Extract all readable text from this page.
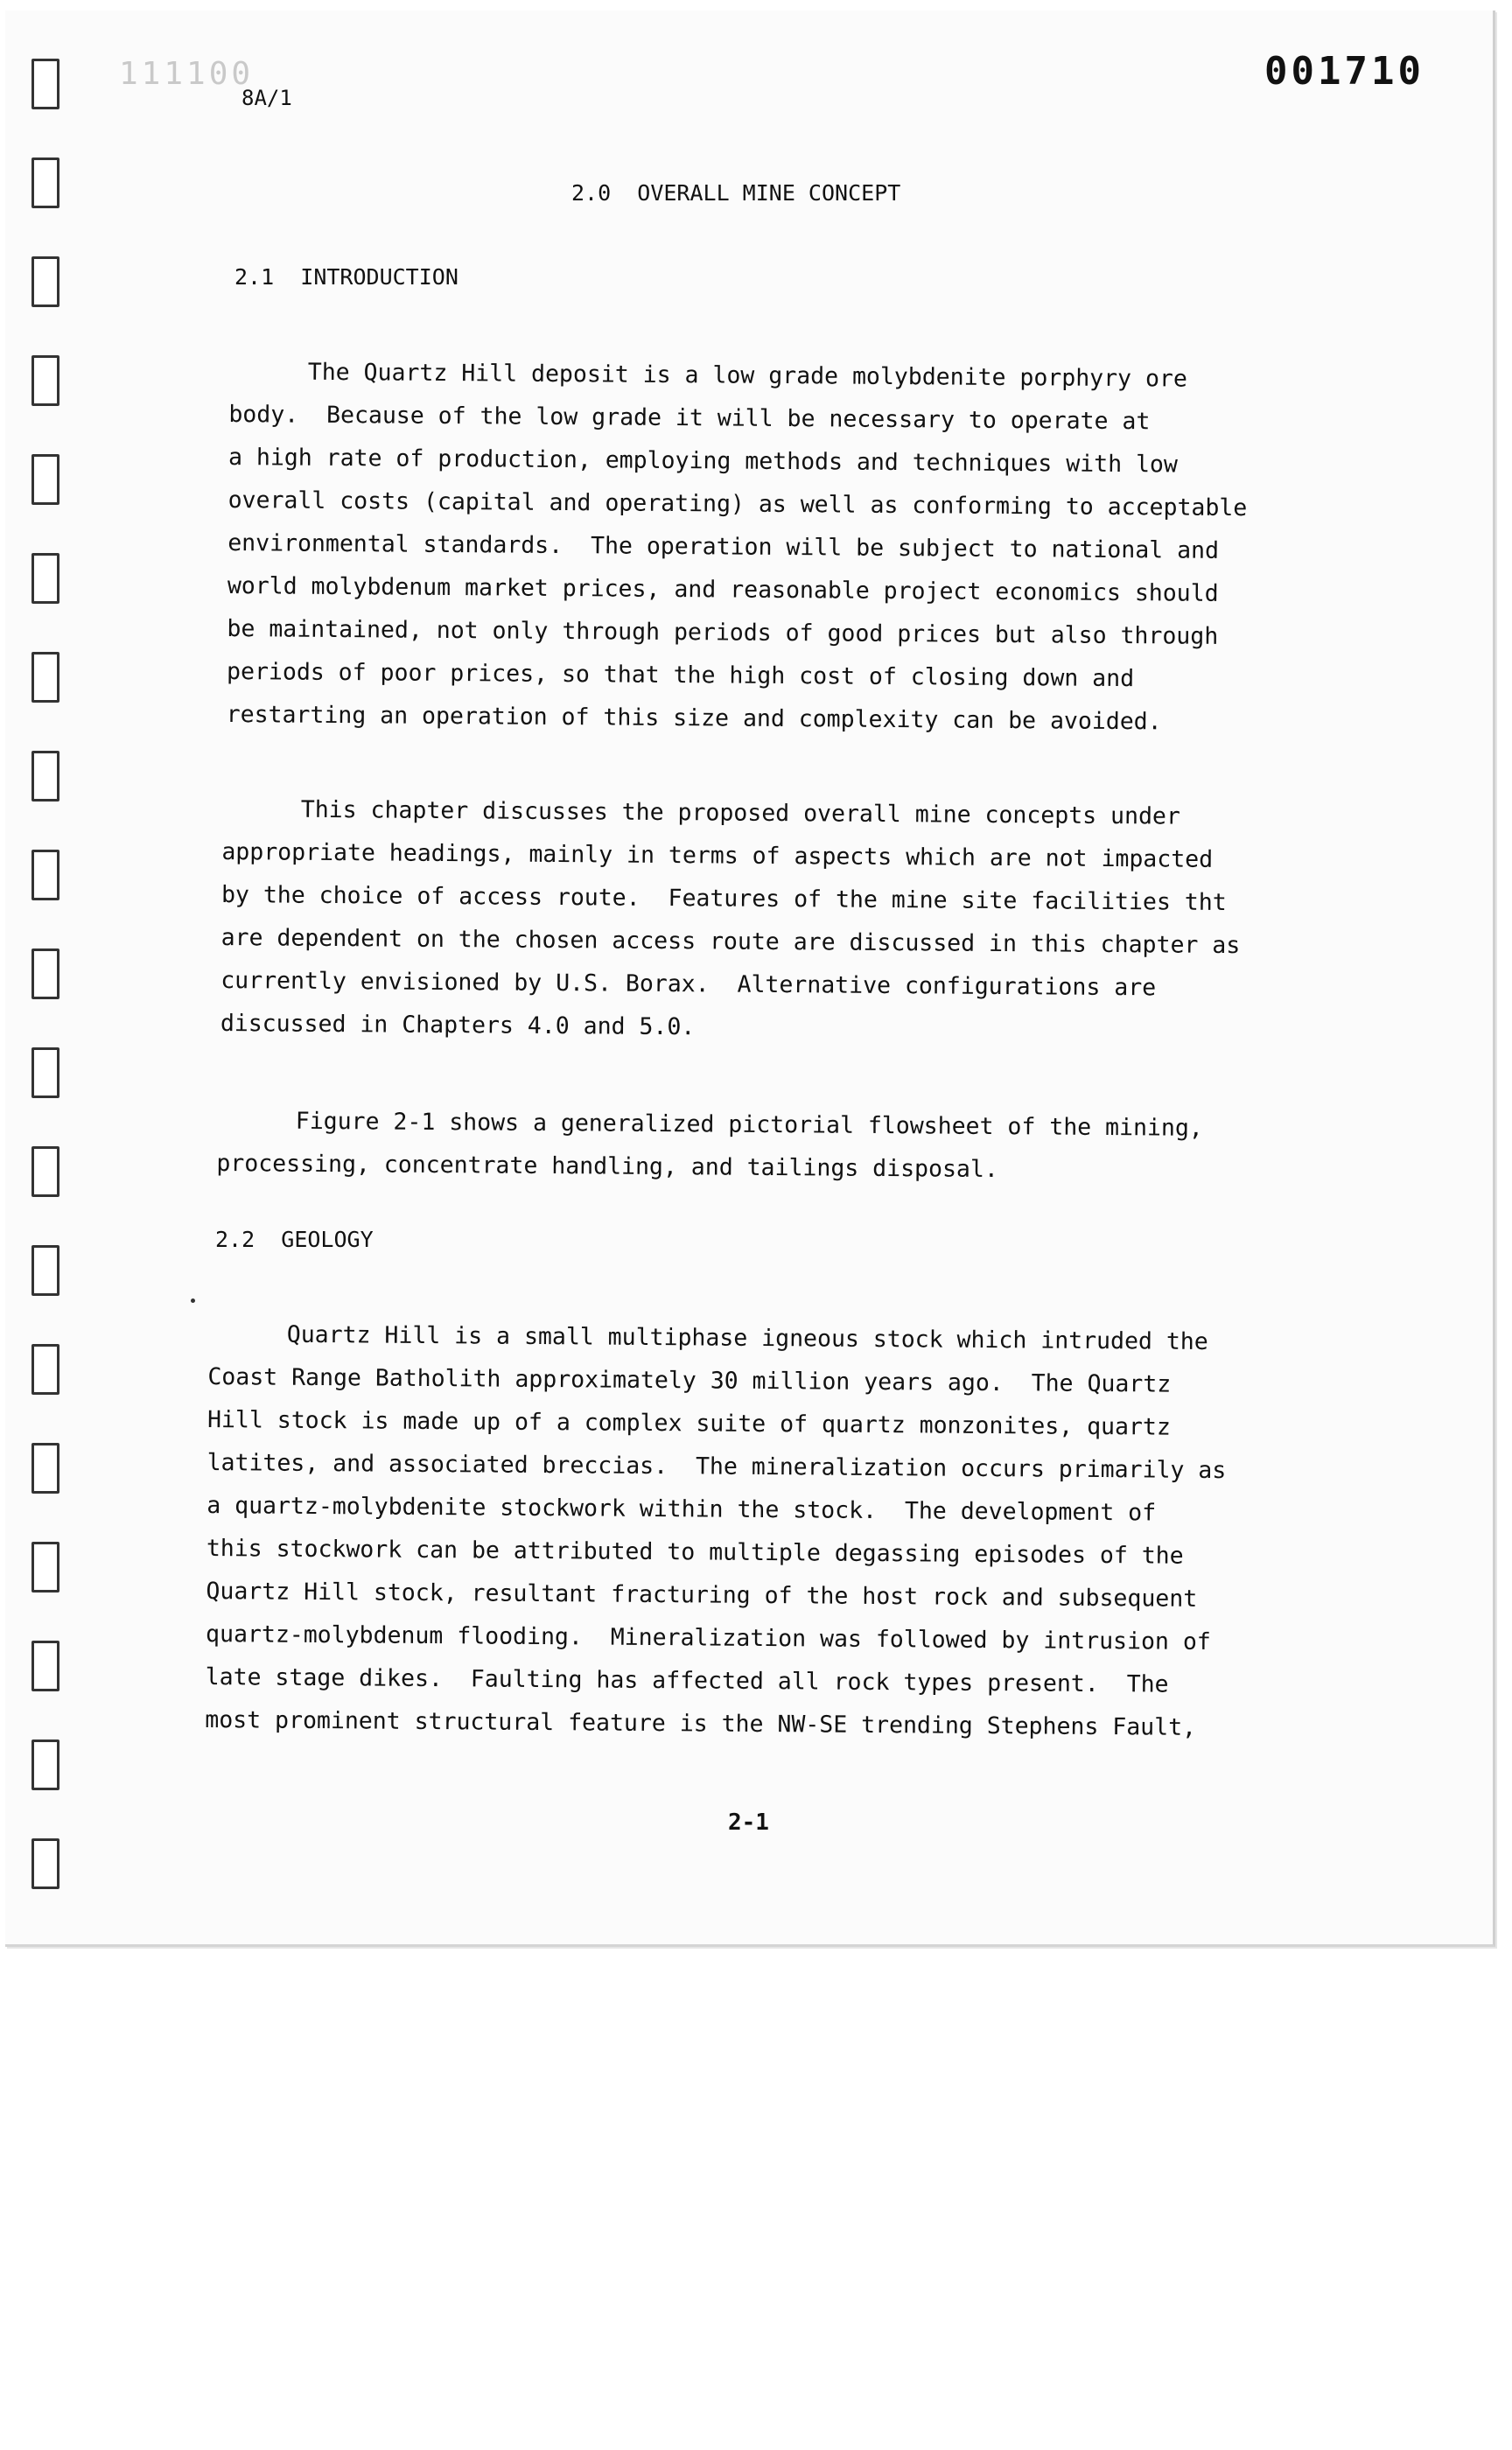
111100
8A/1
001710
2.0 OVERALL MINE CONCEPT
2.1 INTRODUCTION
The Quartz Hill deposit is a low grade molybdenite porphyry ore
body.  Because of the low grade it will be necessary to operate at
a high rate of production, employing methods and techniques with low
overall costs (capital and operating) as well as conforming to acceptable
environmental standards.  The operation will be subject to national and
world molybdenum market prices, and reasonable project economics should
be maintained, not only through periods of good prices but also through
periods of poor prices, so that the high cost of closing down and
restarting an operation of this size and complexity can be avoided.
This chapter discusses the proposed overall mine concepts under
appropriate headings, mainly in terms of aspects which are not impacted
by the choice of access route.  Features of the mine site facilities tht
are dependent on the chosen access route are discussed in this chapter as
currently envisioned by U.S. Borax.  Alternative configurations are
discussed in Chapters 4.0 and 5.0.
Figure 2-1 shows a generalized pictorial flowsheet of the mining,
processing, concentrate handling, and tailings disposal.
2.2 GEOLOGY
Quartz Hill is a small multiphase igneous stock which intruded the
Coast Range Batholith approximately 30 million years ago.  The Quartz
Hill stock is made up of a complex suite of quartz monzonites, quartz
latites, and associated breccias.  The mineralization occurs primarily as
a quartz-molybdenite stockwork within the stock.  The development of
this stockwork can be attributed to multiple degassing episodes of the
Quartz Hill stock, resultant fracturing of the host rock and subsequent
quartz-molybdenum flooding.  Mineralization was followed by intrusion of
late stage dikes.  Faulting has affected all rock types present.  The
most prominent structural feature is the NW-SE trending Stephens Fault,
2-1
